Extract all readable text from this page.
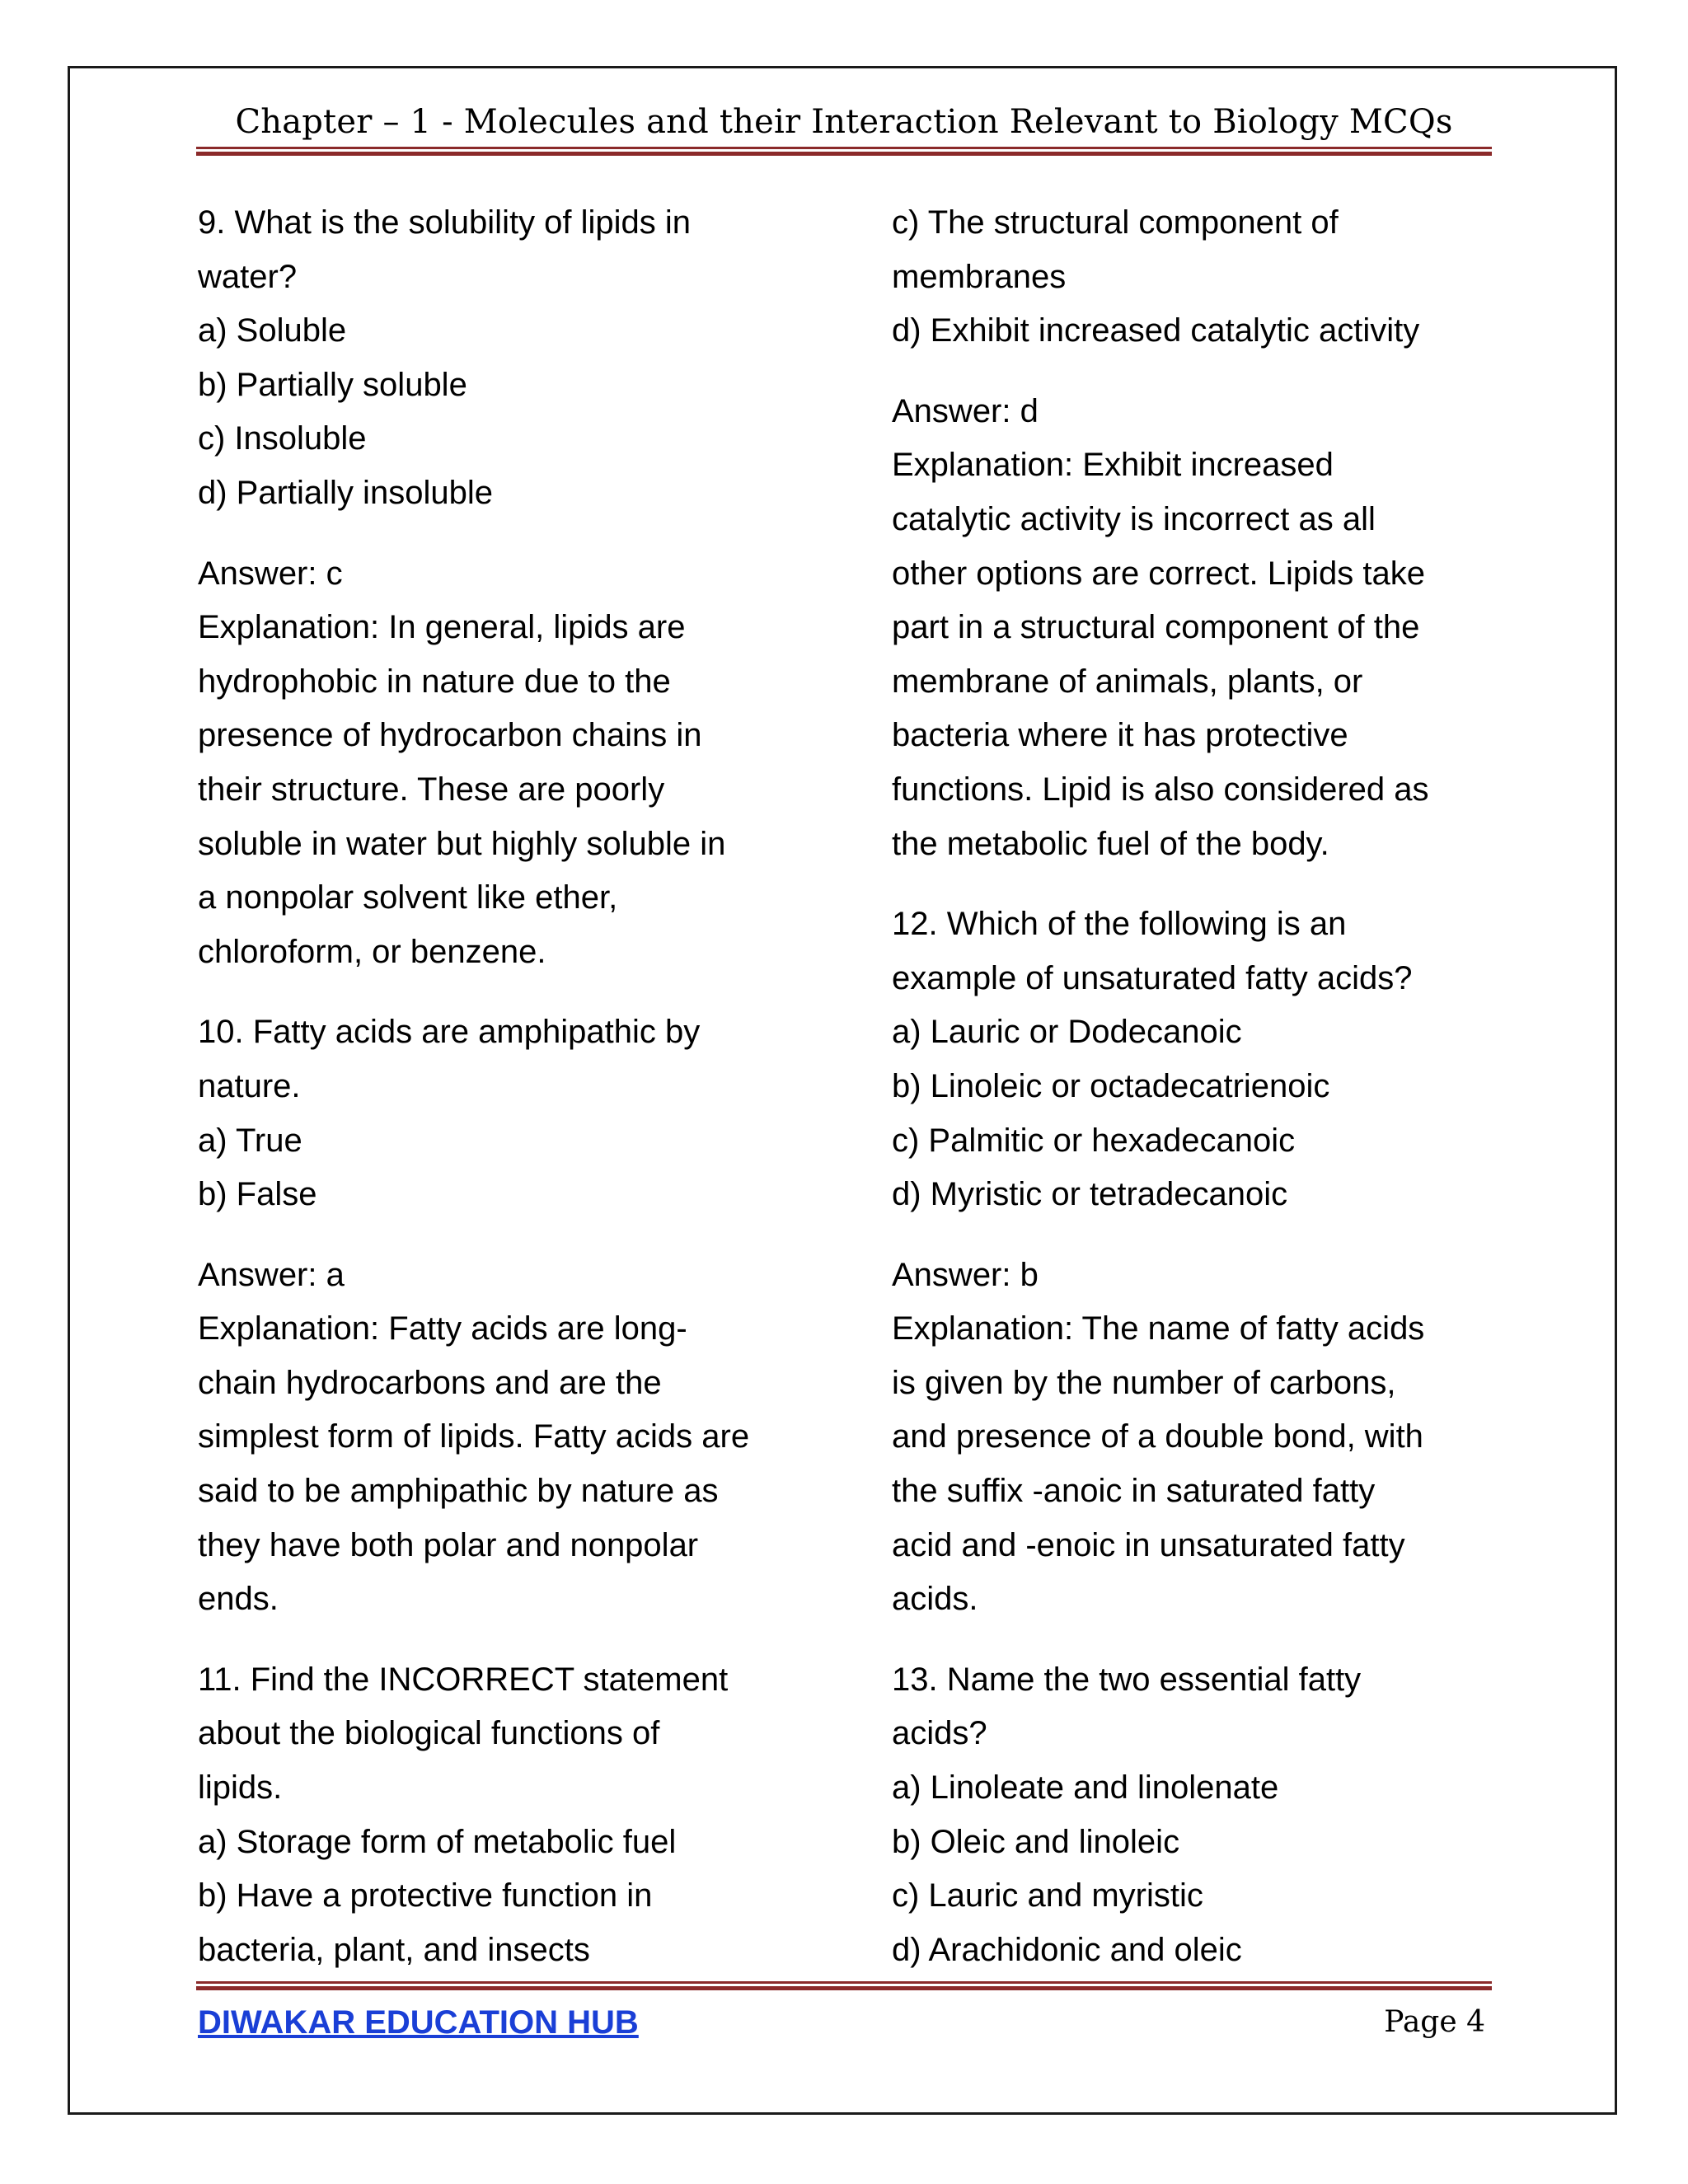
Chapter – 1 - Molecules and their Interaction Relevant to Biology MCQs
9. What is the solubility of lipids in
water?
a) Soluble
b) Partially soluble
c) Insoluble
d) Partially insoluble
Answer: c
Explanation: In general, lipids are
hydrophobic in nature due to the
presence of hydrocarbon chains in
their structure. These are poorly
soluble in water but highly soluble in
a nonpolar solvent like ether,
chloroform, or benzene.
10. Fatty acids are amphipathic by
nature.
a) True
b) False
Answer: a
Explanation: Fatty acids are long-
chain hydrocarbons and are the
simplest form of lipids. Fatty acids are
said to be amphipathic by nature as
they have both polar and nonpolar
ends.
11. Find the INCORRECT statement
about the biological functions of
lipids.
a) Storage form of metabolic fuel
b) Have a protective function in
bacteria, plant, and insects
c) The structural component of
membranes
d) Exhibit increased catalytic activity
Answer: d
Explanation: Exhibit increased
catalytic activity is incorrect as all
other options are correct. Lipids take
part in a structural component of the
membrane of animals, plants, or
bacteria where it has protective
functions. Lipid is also considered as
the metabolic fuel of the body.
12. Which of the following is an
example of unsaturated fatty acids?
a) Lauric or Dodecanoic
b) Linoleic or octadecatrienoic
c) Palmitic or hexadecanoic
d) Myristic or tetradecanoic
Answer: b
Explanation: The name of fatty acids
is given by the number of carbons,
and presence of a double bond, with
the suffix -anoic in saturated fatty
acid and -enoic in unsaturated fatty
acids.
13. Name the two essential fatty
acids?
a) Linoleate and linolenate
b) Oleic and linoleic
c) Lauric and myristic
d) Arachidonic and oleic
DIWAKAR EDUCATION HUB	Page 4
